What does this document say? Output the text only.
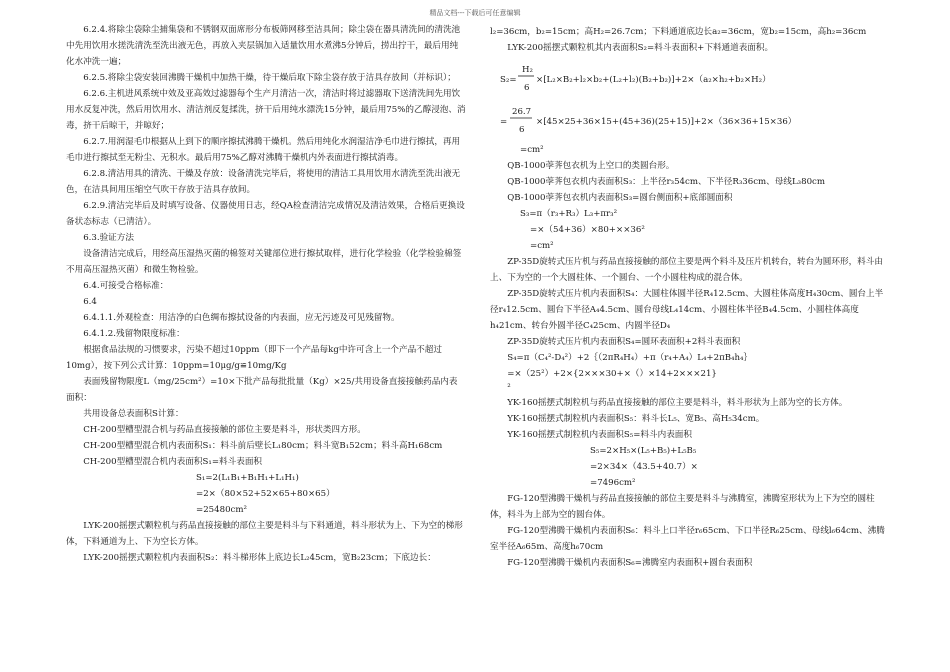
精品文档---下载后可任意编辑

6.2.4.将除尘袋除尘捕集袋和不锈钢双面席形分布板筛网移至洁具间；除尘袋在器具清洗间的清洗池中先用饮用水搓洗清洗至洗出液无色，再放入夹层锅加入适量饮用水煮沸5分钟后，捞出拧干，最后用纯化水冲洗一遍；

6.2.5.将除尘袋安装回沸腾干燥机中加热干燥，待干燥后取下除尘袋存放于洁具存放间（并标识）；

6.2.6.主机进风系统中效及亚高效过滤器每个生产月清洁一次，清洁时将过滤器取下送清洗间先用饮用水反复冲洗，然后用饮用水、清洁剂反复揉洗，挤干后用纯水漂洗15分钟，最后用75%的乙醇浸泡、消毒，挤干后晾干，并晾好；

6.2.7.用润湿毛巾根据从上到下的顺序擦拭沸腾干燥机。然后用纯化水润湿洁净毛巾进行擦拭，再用毛巾进行擦拭至无粉尘、无积水。最后用75%乙醇对沸腾干燥机内外表面进行擦拭消毒。

6.2.8.清洁用具的清洗、干燥及存放：设备清洗完毕后，将使用的清洁工具用饮用水清洗至洗出液无色，在洁具间用压缩空气吹干存放于洁具存放间。

6.2.9.清洁完毕后及时填写设备、仪器使用日志，经QA检查清洁完成情况及清洁效果，合格后更换设备状态标志（已清洁）。

6.3.验证方法

设备清洁完成后，用经高压湿热灭菌的棉签对关键部位进行擦拭取样，进行化学检验（化学检验棉签不用高压湿热灭菌）和微生物检验。

6.4.可接受合格标准：

6.4

6.4.1.1.外观检查：用洁净的白色绸布擦拭设备的内表面，应无污迹及可见残留物。

6.4.1.2.残留物限度标准：

根据食品法规的习惯要求，污染不超过10ppm（即下一个产品每kg中许可含上一个产品不超过10mg），按下列公式计算：10ppm=10μg/g≌10mg/Kg

表面残留物限度L（mg/25cm²）=10×下批产品每批批量（Kg）×25/共用设备直接接触药品内表面积：

共用设备总表面积S计算：

CH-200型槽型混合机与药品直接接触的部位主要是料斗，形状类四方形。

CH-200型槽型混合机内表面积S₁：料斗前后壁长L₁80cm；料斗宽B₁52cm；料斗高H₁68cm

CH-200型槽型混合机内表面积S₁=料斗表面积

S₁=2(L₁B₁+B₁H₁+L₁H₁)

=2×（80×52+52×65+80×65）

=25480cm²

LYK-200摇摆式颗粒机与药品直接接触的部位主要是料斗与下料通道，料斗形状为上、下为空的梯形体，下料通道为上、下为空长方体。

LYK-200摇摆式颗粒机内表面积S₂：料斗梯形体上底边长L₂45cm，宽B₂23cm；下底边长：

l₂=36cm，b₂=15cm；高H₂=26.7cm；下料通道底边长a₂=36cm，宽b₂=15cm，高h₂=36cm

LYK-200摇摆式颗粒机其内表面积S₂=料斗表面积+下料通道表面积。

S₂=
H₂
6
×[L₂×B₂+l₂×b₂+(L₂+l₂)(B₂+b₂)]+2×（a₂×h₂+b₂×H₂）
=
26.7
6
×[45×25+36×15+(45+36)(25+15)]+2×（36×36+15×36）

=cm²

QB-1000荸荠包衣机为上空口的类圆台形。

QB-1000荸荠包衣机内表面积S₃：上半径r₃54cm、下半径R₃36cm、母线L₃80cm

QB-1000荸荠包衣机内表面积S₃=圆台侧面积+底部圆面积

S₃=π（r₃+R₃）L₃+πr₃²

=×（54+36）×80+××36²

=cm²

ZP-35D旋转式压片机与药品直接接触的部位主要是两个料斗及压片机转台，转台为圆环形，料斗由上、下为空的一个大圆柱体、一个圆台、一个小圆柱构成的混合体。

ZP-35D旋转式压片机内表面积S₄：大圆柱体圆半径R₄12.5cm、大圆柱体高度H₄30cm、圆台上半径r₄12.5cm、圆台下半径A₄4.5cm、圆台母线L₄14cm、小圆柱体半径B₄4.5cm、小圆柱体高度h₄21cm、转台外圆半径C₄25cm、内圆半径D₄

ZP-35D旋转式压片机内表面积S₄=圆环表面积+2料斗表面积

S₄=π（C₄²-D₄²）+2｛（2πR₄H₄）+π（r₄+A₄）L₄+2πB₄h₄｝

=×（25²）+2×{2×××30+×（）×14+2×××21}

²

YK-160摇摆式制粒机与药品直接接触的部位主要是料斗，料斗形状为上部为空的长方体。

YK-160摇摆式制粒机内表面积S₅：料斗长L₅、宽B₅、高H₅34cm。

YK-160摇摆式制粒机内表面积S₅=料斗内表面积

S₅=2×H₅×(L₅+B₅)+L₅B₅

=2×34×（43.5+40.7）×

=7496cm²

FG-120型沸腾干燥机与药品直接接触的部位主要是料斗与沸腾室，沸腾室形状为上下为空的圆柱体，料斗为上部为空的圆台体。

FG-120型沸腾干燥机内表面积S₆：料斗上口半径r₆65cm、下口半径R₆25cm、母线l₆64cm、沸腾室半径A₆65m、高度h₆70cm

FG-120型沸腾干燥机内表面积S₆=沸腾室内表面积+圆台表面积
